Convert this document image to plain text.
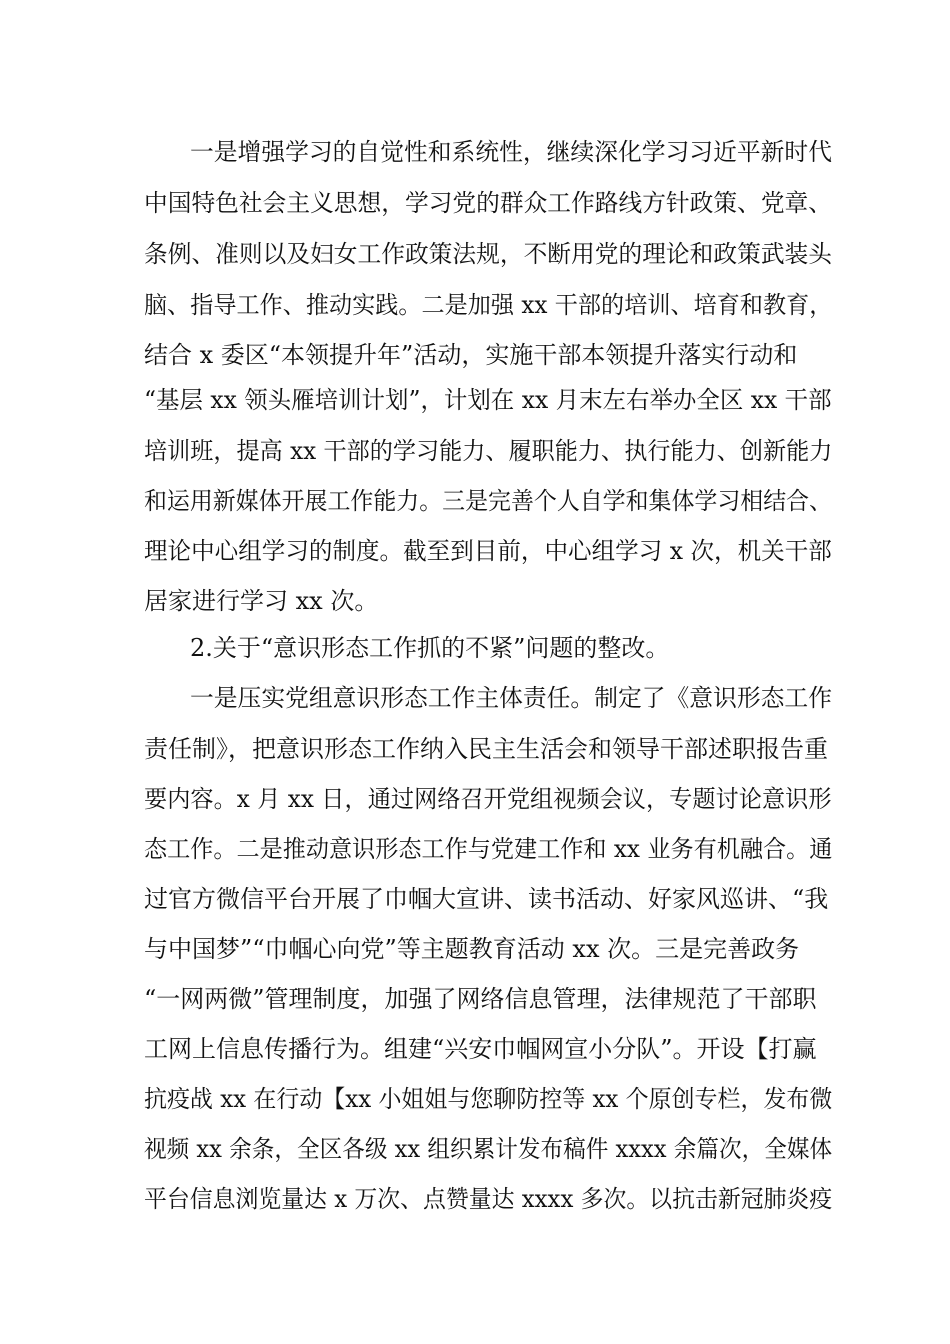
一是增强学习的自觉性和系统性，继续深化学习习近平新时代
中国特色社会主义思想，学习党的群众工作路线方针政策、党章、
条例、准则以及妇女工作政策法规，不断用党的理论和政策武装头
脑、指导工作、推动实践。二是加强 xx 干部的培训、培育和教育，
结合 x 委区“本领提升年”活动，实施干部本领提升落实行动和
“基层 xx 领头雁培训计划”，计划在 xx 月末左右举办全区 xx 干部
培训班，提高 xx 干部的学习能力、履职能力、执行能力、创新能力
和运用新媒体开展工作能力。三是完善个人自学和集体学习相结合、
理论中心组学习的制度。截至到目前，中心组学习 x 次，机关干部
居家进行学习 xx 次。
2.关于“意识形态工作抓的不紧”问题的整改。
一是压实党组意识形态工作主体责任。制定了《意识形态工作
责任制》，把意识形态工作纳入民主生活会和领导干部述职报告重
要内容。x 月 xx 日，通过网络召开党组视频会议，专题讨论意识形
态工作。二是推动意识形态工作与党建工作和 xx 业务有机融合。通
过官方微信平台开展了巾帼大宣讲、读书活动、好家风巡讲、“我
与中国梦”“巾帼心向党”等主题教育活动 xx 次。三是完善政务
“一网两微”管理制度，加强了网络信息管理，法律规范了干部职
工网上信息传播行为。组建“兴安巾帼网宣小分队”。开设【打赢
抗疫战 xx 在行动【xx 小姐姐与您聊防控等 xx 个原创专栏，发布微
视频 xx 余条，全区各级 xx 组织累计发布稿件 xxxx 余篇次，全媒体
平台信息浏览量达 x 万次、点赞量达 xxxx 多次。以抗击新冠肺炎疫
